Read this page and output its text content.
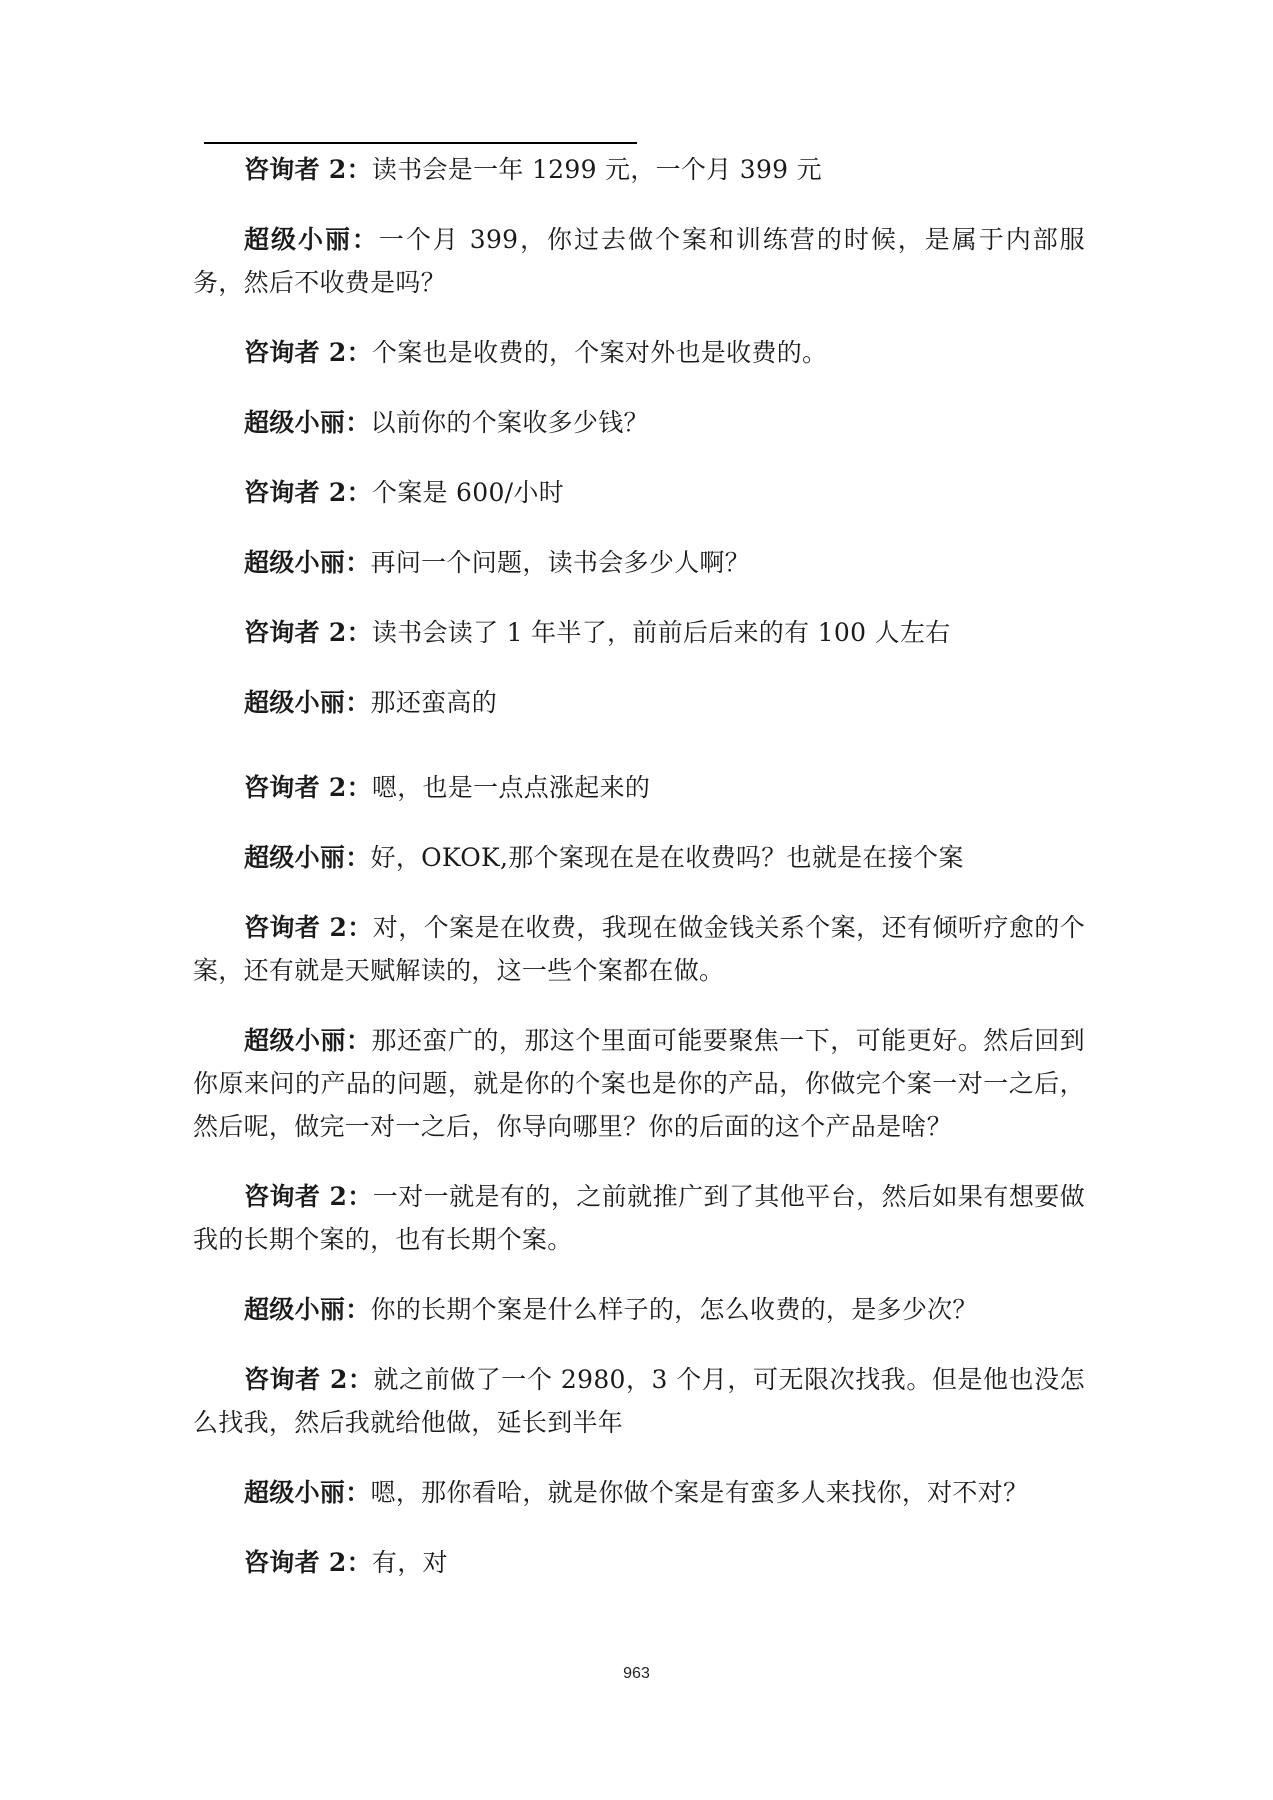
咨询者 2：读书会是一年 1299 元，一个月 399 元

超级小丽：一个月 399，你过去做个案和训练营的时候，是属于内部服务，然后不收费是吗？

咨询者 2：个案也是收费的，个案对外也是收费的。

超级小丽：以前你的个案收多少钱？

咨询者 2：个案是 600/小时

超级小丽：再问一个问题，读书会多少人啊？

咨询者 2：读书会读了 1 年半了，前前后后来的有 100 人左右

超级小丽：那还蛮高的

咨询者 2：嗯，也是一点点涨起来的

超级小丽：好，OKOK,那个案现在是在收费吗？也就是在接个案

咨询者 2：对，个案是在收费，我现在做金钱关系个案，还有倾听疗愈的个案，还有就是天赋解读的，这一些个案都在做。

超级小丽：那还蛮广的，那这个里面可能要聚焦一下，可能更好。然后回到你原来问的产品的问题，就是你的个案也是你的产品，你做完个案一对一之后，然后呢，做完一对一之后，你导向哪里？你的后面的这个产品是啥？

咨询者 2：一对一就是有的，之前就推广到了其他平台，然后如果有想要做我的长期个案的，也有长期个案。

超级小丽：你的长期个案是什么样子的，怎么收费的，是多少次？

咨询者 2：就之前做了一个 2980，3 个月，可无限次找我。但是他也没怎么找我，然后我就给他做，延长到半年

超级小丽：嗯，那你看哈，就是你做个案是有蛮多人来找你，对不对？

咨询者 2：有，对

963
